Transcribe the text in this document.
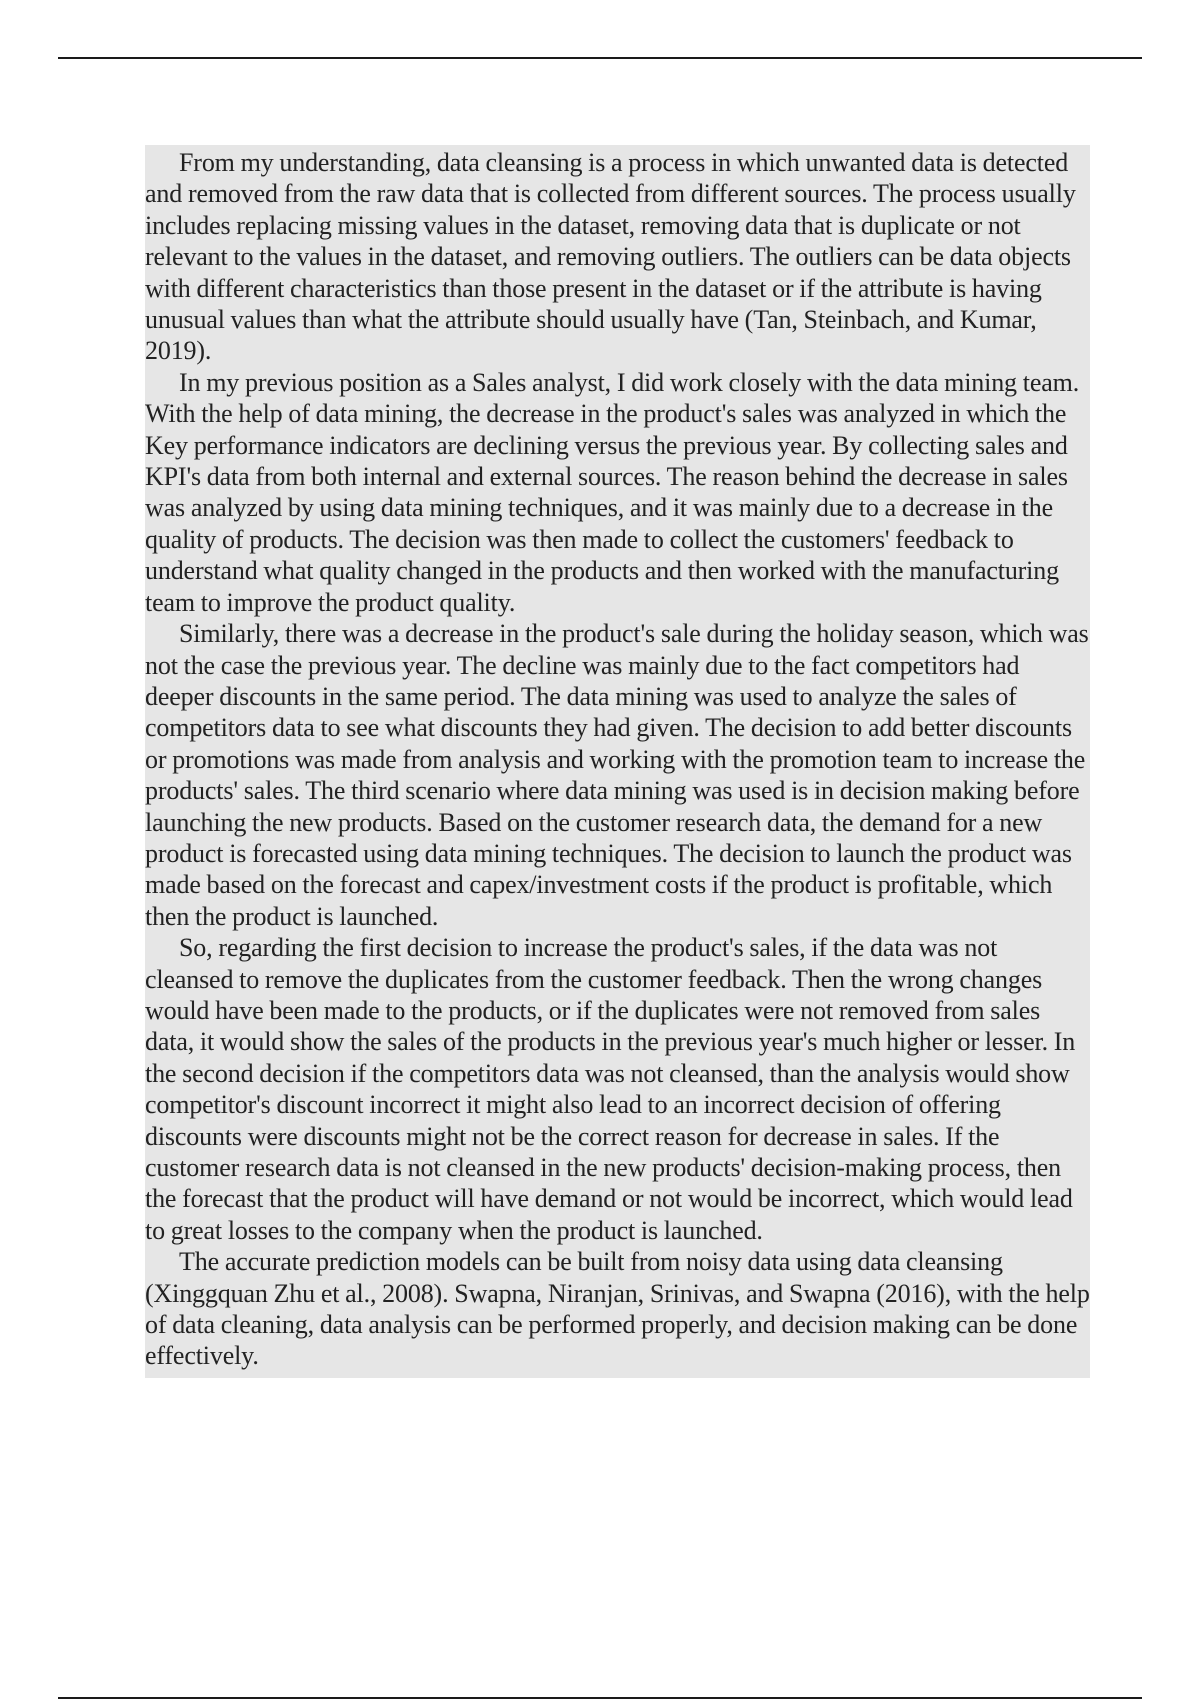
From my understanding, data cleansing is a process in which unwanted data is detected and removed from the raw data that is collected from different sources. The process usually includes replacing missing values in the dataset, removing data that is duplicate or not relevant to the values in the dataset, and removing outliers. The outliers can be data objects with different characteristics than those present in the dataset or if the attribute is having unusual values than what the attribute should usually have (Tan, Steinbach, and Kumar, 2019).

In my previous position as a Sales analyst, I did work closely with the data mining team. With the help of data mining, the decrease in the product's sales was analyzed in which the Key performance indicators are declining versus the previous year. By collecting sales and KPI's data from both internal and external sources. The reason behind the decrease in sales was analyzed by using data mining techniques, and it was mainly due to a decrease in the quality of products. The decision was then made to collect the customers' feedback to understand what quality changed in the products and then worked with the manufacturing team to improve the product quality.

Similarly, there was a decrease in the product's sale during the holiday season, which was not the case the previous year. The decline was mainly due to the fact competitors had deeper discounts in the same period. The data mining was used to analyze the sales of competitors data to see what discounts they had given. The decision to add better discounts or promotions was made from analysis and working with the promotion team to increase the products' sales. The third scenario where data mining was used is in decision making before launching the new products. Based on the customer research data, the demand for a new product is forecasted using data mining techniques. The decision to launch the product was made based on the forecast and capex/investment costs if the product is profitable, which then the product is launched.

So, regarding the first decision to increase the product's sales, if the data was not cleansed to remove the duplicates from the customer feedback. Then the wrong changes would have been made to the products, or if the duplicates were not removed from sales data, it would show the sales of the products in the previous year's much higher or lesser. In the second decision if the competitors data was not cleansed, than the analysis would show competitor's discount incorrect it might also lead to an incorrect decision of offering discounts were discounts might not be the correct reason for decrease in sales. If the customer research data is not cleansed in the new products' decision-making process, then the forecast that the product will have demand or not would be incorrect, which would lead to great losses to the company when the product is launched.

The accurate prediction models can be built from noisy data using data cleansing (Xinggquan Zhu et al., 2008). Swapna, Niranjan, Srinivas, and Swapna (2016), with the help of data cleaning, data analysis can be performed properly, and decision making can be done effectively.
